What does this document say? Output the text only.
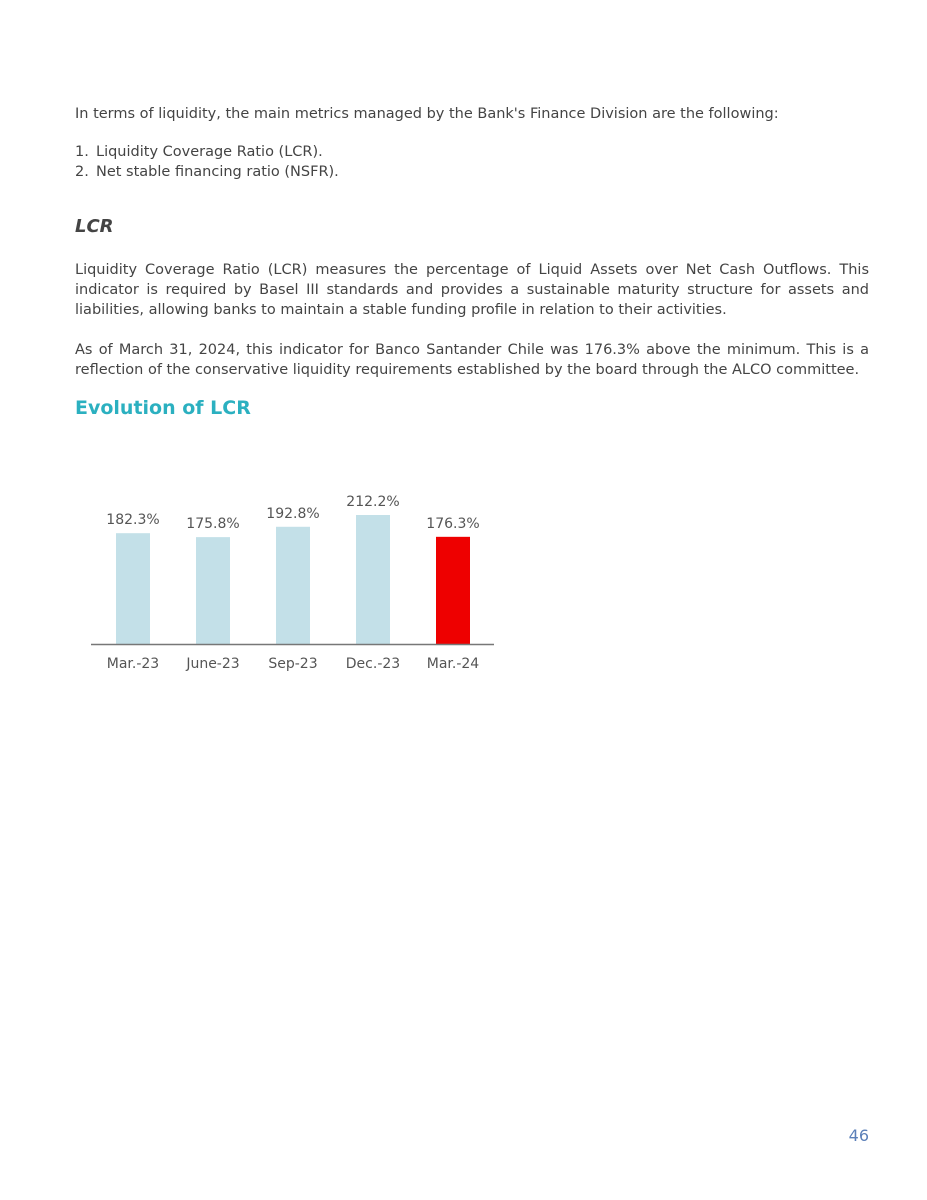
In terms of liquidity, the main metrics managed by the Bank's Finance Division are the following:
1. Liquidity Coverage Ratio (LCR).
2. Net stable financing ratio (NSFR).
LCR
Liquidity Coverage Ratio (LCR) measures the percentage of Liquid Assets over Net Cash Outflows. This indicator is required by Basel III standards and provides a sustainable maturity structure for assets and liabilities, allowing banks to maintain a stable funding profile in relation to their activities.
As of March 31, 2024, this indicator for Banco Santander Chile was 176.3% above the minimum. This is a reflection of the conservative liquidity requirements established by the board through the ALCO committee.
Evolution of LCR
182.3%
Mar.-23
175.8%
June-23
192.8%
Sep-23
212.2%
Dec.-23
176.3%
Mar.-24
46
